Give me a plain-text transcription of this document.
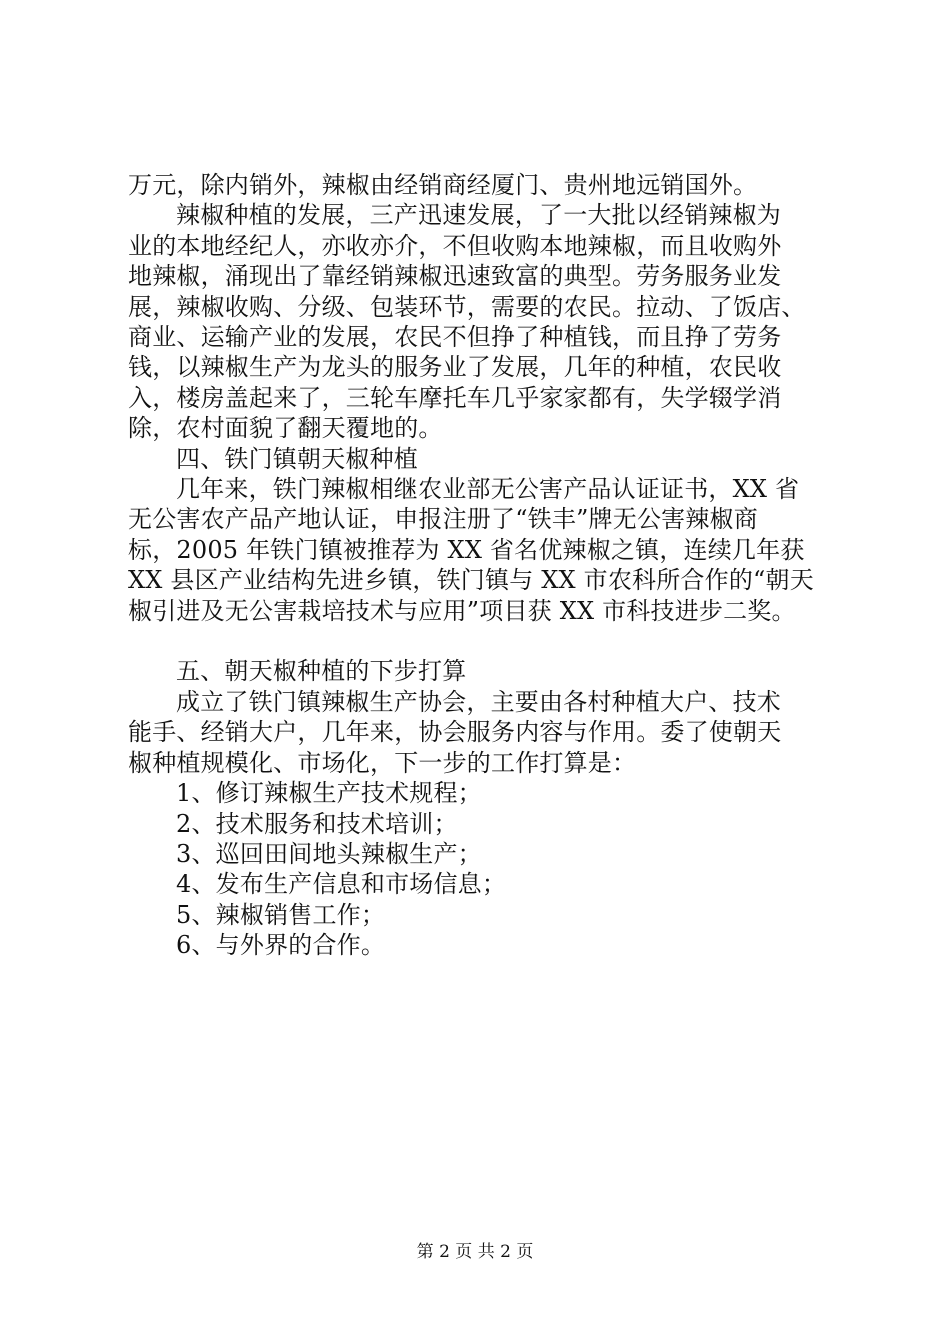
万元，除内销外，辣椒由经销商经厦门、贵州地远销国外。
辣椒种植的发展，三产迅速发展，了一大批以经销辣椒为
业的本地经纪人，亦收亦介，不但收购本地辣椒，而且收购外
地辣椒，涌现出了靠经销辣椒迅速致富的典型。劳务服务业发
展，辣椒收购、分级、包装环节，需要的农民。拉动、了饭店、
商业、运输产业的发展，农民不但挣了种植钱，而且挣了劳务
钱，以辣椒生产为龙头的服务业了发展，几年的种植，农民收
入，楼房盖起来了，三轮车摩托车几乎家家都有，失学辍学消
除，农村面貌了翻天覆地的。
四、铁门镇朝天椒种植
几年来，铁门辣椒相继农业部无公害产品认证证书，XX 省
无公害农产品产地认证，申报注册了“铁丰”牌无公害辣椒商
标，2005 年铁门镇被推荐为 XX 省名优辣椒之镇，连续几年获
XX 县区产业结构先进乡镇，铁门镇与 XX 市农科所合作的“朝天
椒引进及无公害栽培技术与应用”项目获 XX 市科技进步二奖。
五、朝天椒种植的下步打算
成立了铁门镇辣椒生产协会，主要由各村种植大户、技术
能手、经销大户，几年来，协会服务内容与作用。委了使朝天
椒种植规模化、市场化，下一步的工作打算是：
1、修订辣椒生产技术规程；
2、技术服务和技术培训；
3、巡回田间地头辣椒生产；
4、发布生产信息和市场信息；
5、辣椒销售工作；
6、与外界的合作。
第 2 页 共 2 页
